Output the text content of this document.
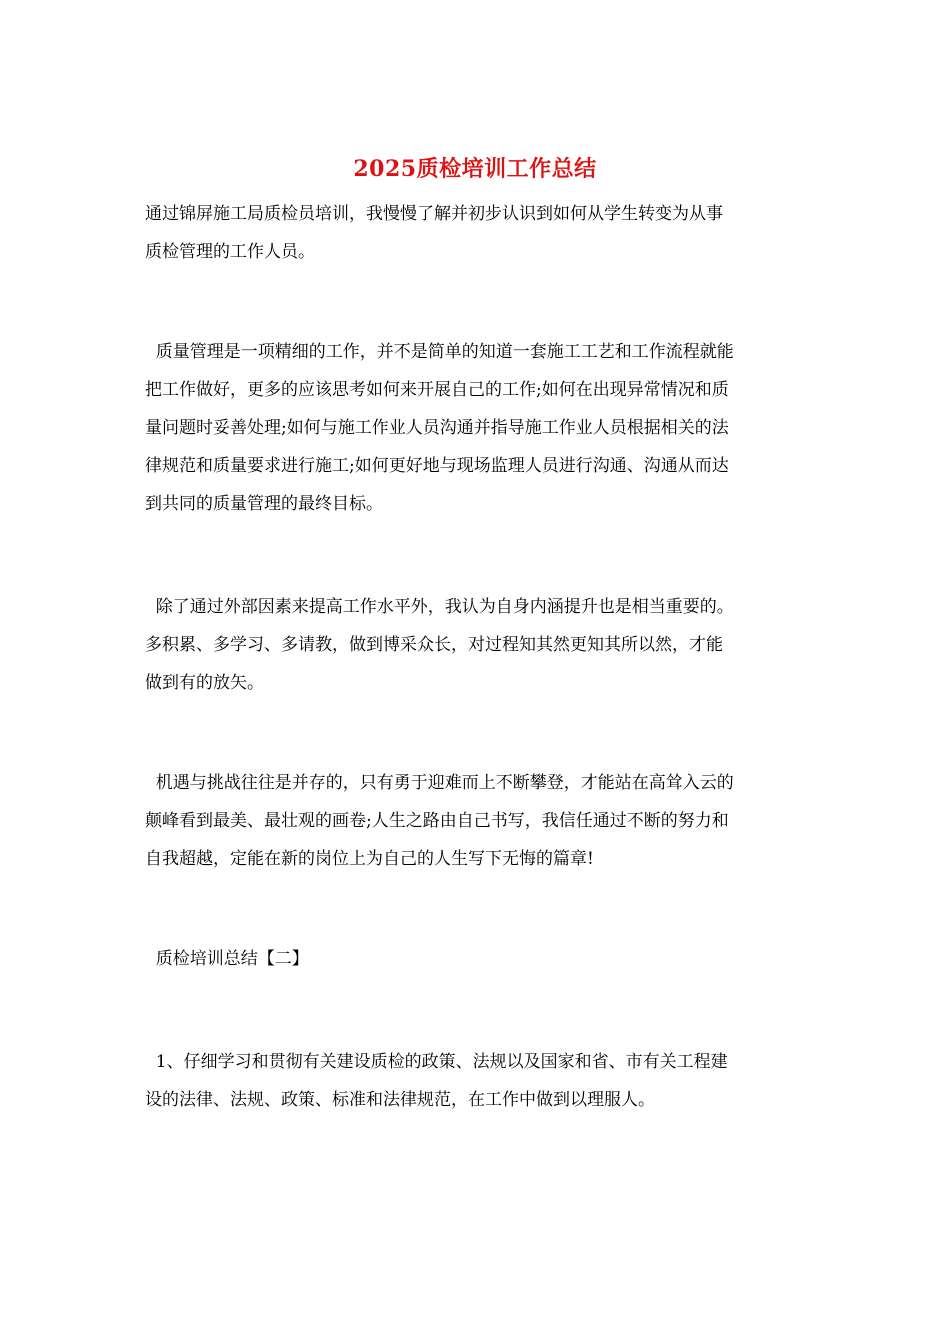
2025质检培训工作总结
通过锦屏施工局质检员培训，我慢慢了解并初步认识到如何从学生转变为从事
质检管理的工作人员。
质量管理是一项精细的工作，并不是简单的知道一套施工工艺和工作流程就能
把工作做好，更多的应该思考如何来开展自己的工作;如何在出现异常情况和质
量问题时妥善处理;如何与施工作业人员沟通并指导施工作业人员根据相关的法
律规范和质量要求进行施工;如何更好地与现场监理人员进行沟通、沟通从而达
到共同的质量管理的最终目标。
除了通过外部因素来提高工作水平外，我认为自身内涵提升也是相当重要的。
多积累、多学习、多请教，做到博采众长，对过程知其然更知其所以然，才能
做到有的放矢。
机遇与挑战往往是并存的，只有勇于迎难而上不断攀登，才能站在高耸入云的
颠峰看到最美、最壮观的画卷;人生之路由自己书写，我信任通过不断的努力和
自我超越，定能在新的岗位上为自己的人生写下无悔的篇章!
质检培训总结【二】
1、仔细学习和贯彻有关建设质检的政策、法规以及国家和省、市有关工程建
设的法律、法规、政策、标准和法律规范，在工作中做到以理服人。
